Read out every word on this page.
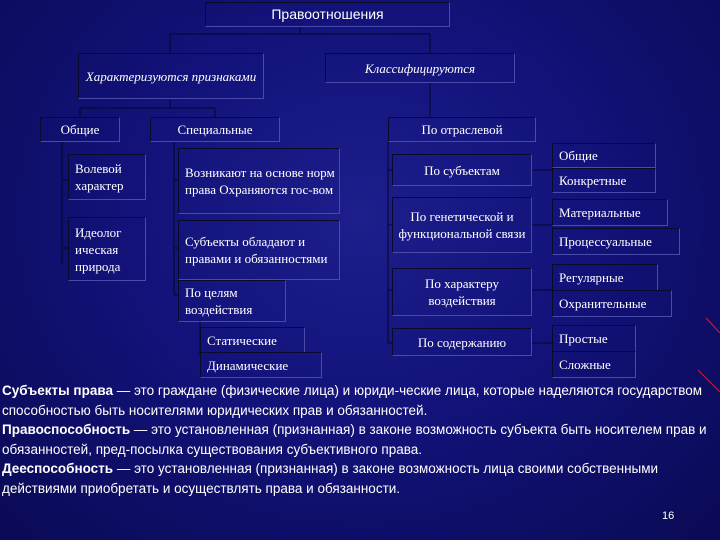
Правоотношения
Характеризуются признаками
Классифицируются
Общие	Специальные
Волевой характер
Идеолог ическая природа
Возникают на основе норм права Охраняются гос-вом
Субъекты обладают и правами и обязанностями
По целям воздействия
Статические
Динамические
По отраслевой
По субъектам
По генетической и функциональной связи
По характеру воздействия
По содержанию
Общие
Конкретные
Материальные
Процессуальные
Регулярные
Охранительные
Простые
Сложные
Субъекты права — это граждане (физические лица) и юриди-ческие лица, которые наделяются государством способностью быть носителями юридических прав и обязанностей.
Правоспособность — это установленная (признанная) в законе возможность субъекта быть носителем прав и обязанностей, пред-посылка существования субъективного права.
Дееспособность — это установленная (признанная) в законе возможность лица своими собственными действиями приобретать и осуществлять права и обязанности.
16
